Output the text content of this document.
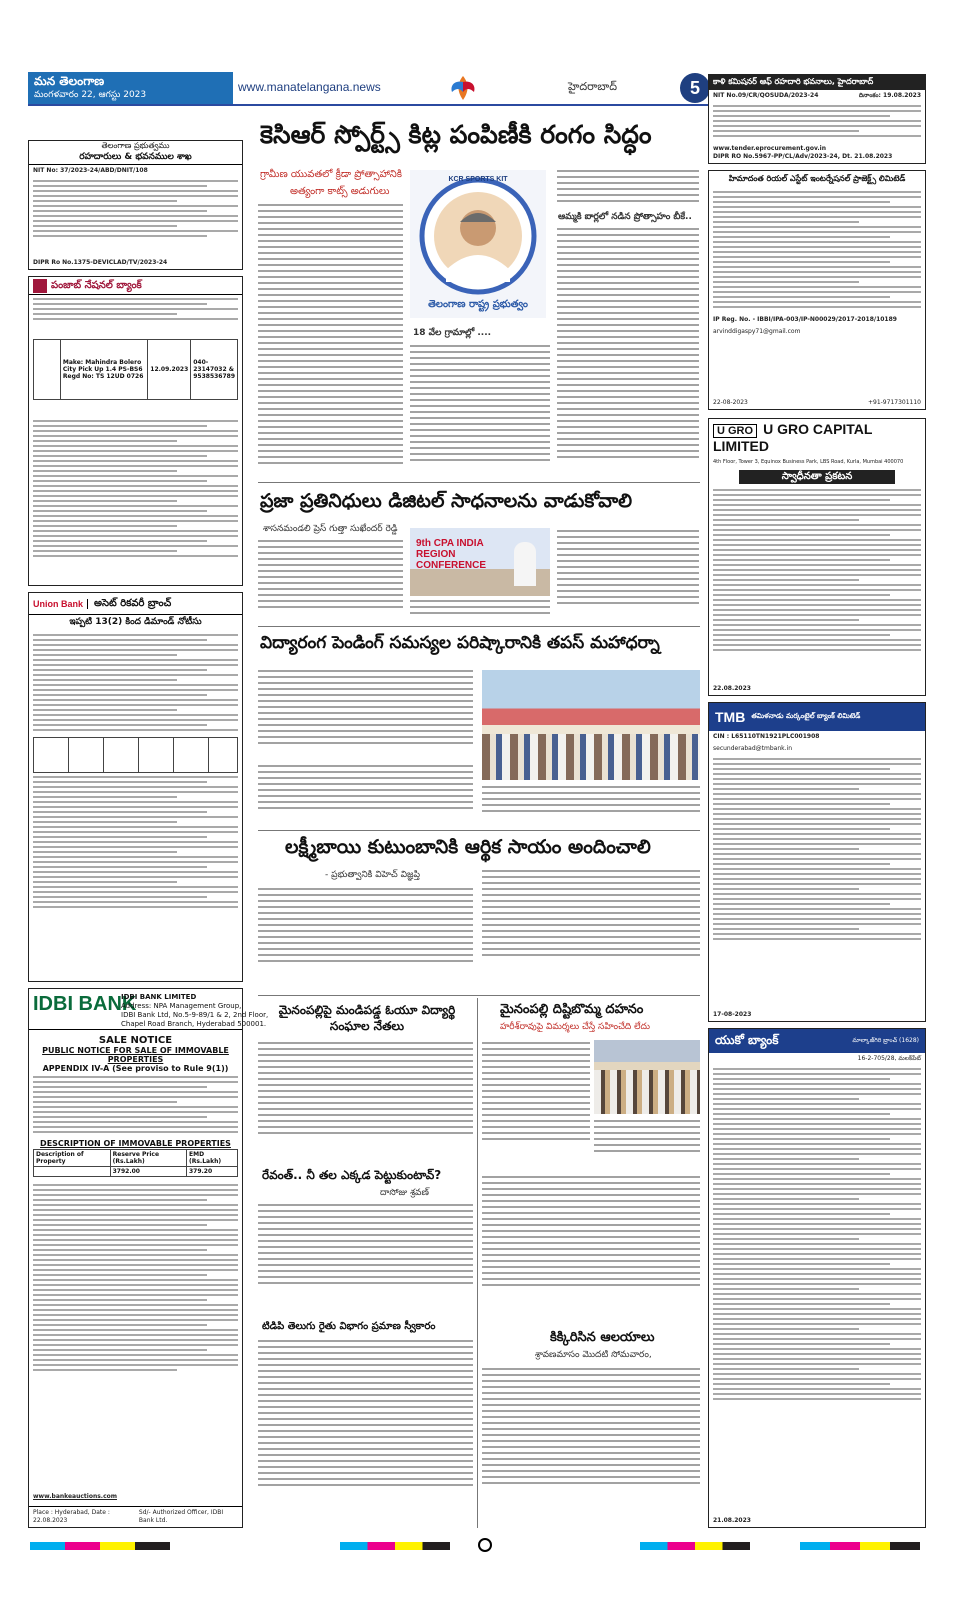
మన తెలంగాణ
మంగళవారం 22, ఆగస్టు 2023
www.manatelangana.news	హైదరాబాద్	5
తెలంగాణ ప్రభుత్వము
రహదారులు & భవనముల శాఖ
NIT No: 37/2023-24/ABD/DNIT/108
DIPR Ro No.1375-DEVICLAD/TV/2023-24
పంజాబ్ నేషనల్ బ్యాంక్

Make: Mahindra Bolero City Pick Up 1.4 PS-BS6
Regd No: TS 12UD 0726
	12.09.2023	040-23147032 & 9538536789
Union Bank	అసెట్ రికవరీ బ్రాంచ్
ఇప్పటి 13(2) కింద డిమాండ్ నోటీసు
IDBI BANK
IDBI BANK LIMITED
Address: NPA Management Group,
IDBI Bank Ltd, No.5-9-89/1 & 2, 2nd Floor,
Chapel Road Branch, Hyderabad 500001.
SALE NOTICE
PUBLIC NOTICE FOR SALE OF IMMOVABLE PROPERTIES
APPENDIX IV-A (See proviso to Rule 9(1))
DESCRIPTION OF IMMOVABLE PROPERTIES
Description of Property	Reserve Price (Rs.Lakh)	EMD (Rs.Lakh)
	3792.00	379.20
www.bankeauctions.com
Place : Hyderabad, Date : 22.08.2023
Sd/- Authorized Officer, IDBI Bank Ltd.
కెసిఆర్ స్పోర్ట్స్ కిట్ల పంపిణీకి రంగం సిద్ధం
గ్రామీణ యువతలో క్రీడా ప్రోత్సాహానికి
అత్యంగా కాట్స్ అడుగులు
KCR SPORTS KIT
తెలంగాణ రాష్ట్ర ప్రభుత్వం
18 వేల గ్రామాల్లో ....
ఆమ్మకి ఐార్లలో నడిన ప్రోత్సాహం బీకే..
ప్రజా ప్రతినిధులు డిజిటల్ సాధనాలను వాడుకోవాలి
శాసనమండలి ప్రెస్ గుత్తా సుఖేందర్ రెడ్డి
9th CPA INDIA REGION CONFERENCE
విద్యారంగ పెండింగ్ సమస్యల పరిష్కారానికి తపస్ మహాధర్నా
లక్ష్మీబాయి కుటుంబానికి ఆర్థిక సాయం అందించాలి
- ప్రభుత్వానికి విహెచ్ విజ్ఞప్తి
మైనంపల్లిపై మండిపడ్డ ఓయూ విద్యార్థి సంఘాల నేతలు
రేవంత్.. నీ తల ఎక్కడ పెట్టుకుంటావ్?
దాసోజు శ్రవణ్
టిడిపి తెలుగు రైతు విభాగం ప్రమాణ స్వీకారం
మైనంపల్లి దిష్టిబొమ్మ దహనం
హరీశ్‌రావుపై విమర్శలు చేస్తే సహించేది లేదు
కిక్కిరిసిన ఆలయాలు
శ్రావణమాసం మొదటి సోమవారం,
కాళి కమిషనర్ ఆఫ్ రహదారి భవనాలు, హైదరాబాద్
NIT No.09/CR/QOSUDA/2023-24	దినాంకం: 19.08.2023
www.tender.eprocurement.gov.in
DIPR RO No.5967-PP/CL/Adv/2023-24, Dt. 21.08.2023
హిమాదంత రియల్ ఎస్టేట్ ఇంటర్నేషనల్ ప్రాజెక్ట్స్ లిమిటెడ్
IP Reg. No. - IBBI/IPA-003/IP-N00029/2017-2018/10189
arvinddigaspy71@gmail.com
22-08-2023	+91-9717301110
U GRO U GRO CAPITAL LIMITED
4th Floor, Tower 3, Equinox Business Park, LBS Road, Kurla, Mumbai 400070
స్వాధీనతా ప్రకటన
22.08.2023
TMB తమిళనాడు మర్కంటైల్ బ్యాంక్ లిమిటెడ్
CIN : L65110TN1921PLC001908
secunderabad@tmbank.in
17-08-2023
యుకో బ్యాంక్	మాల్కాజ్‌గిరి బ్రాంచ్ (1628)
16-2-705/28, మలక్‌పేట్
21.08.2023
